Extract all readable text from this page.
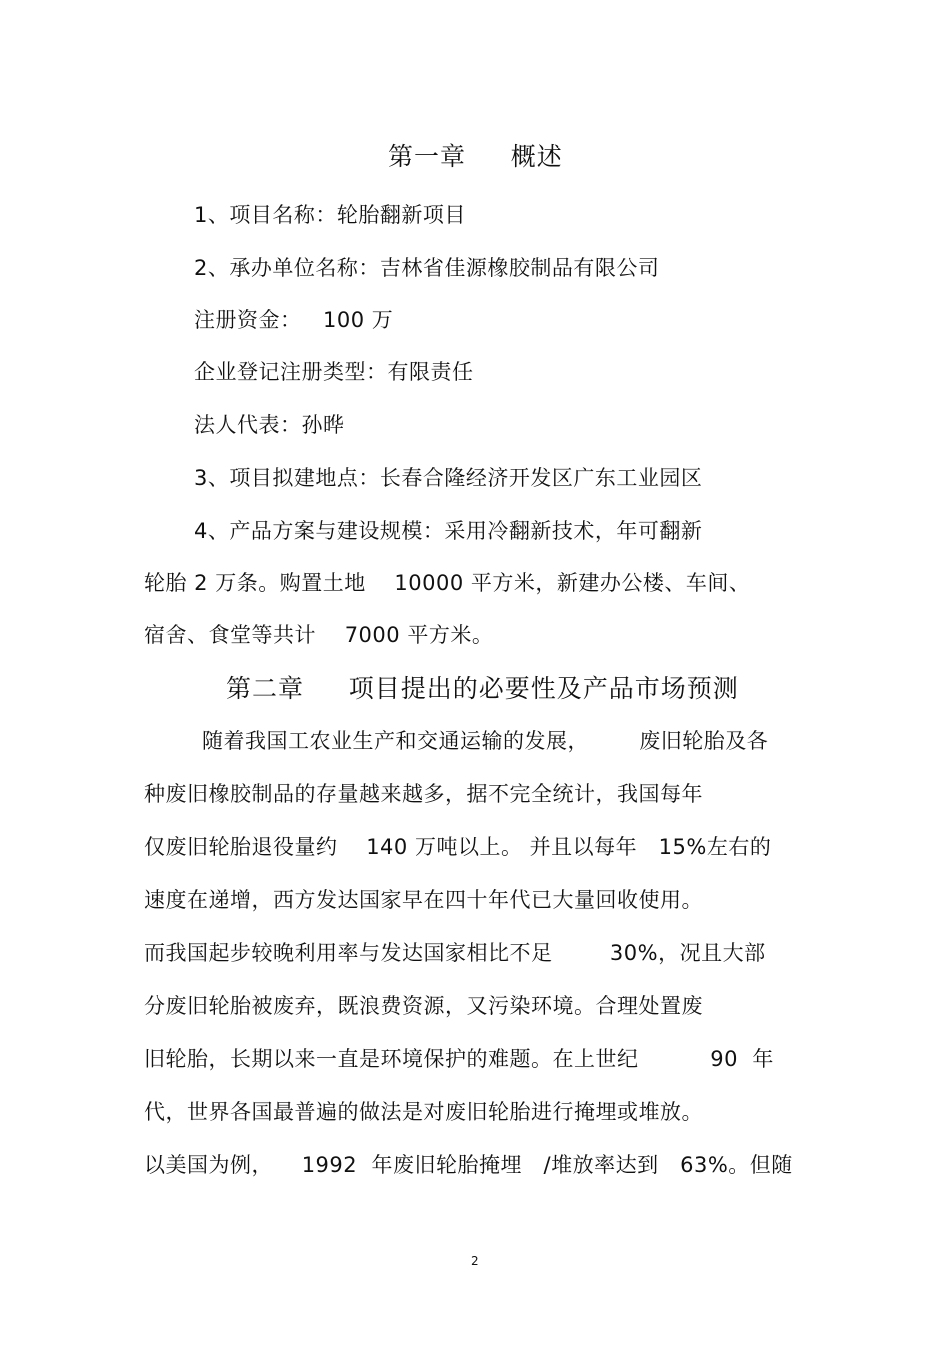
第一章     概述
1、项目名称：轮胎翻新项目
2、承办单位名称：吉林省佳源橡胶制品有限公司
注册资金：   100 万
企业登记注册类型：有限责任
法人代表：孙晔
3、项目拟建地点：长春合隆经济开发区广东工业园区
4、产品方案与建设规模：采用冷翻新技术，年可翻新
轮胎 2 万条。购置土地    10000 平方米，新建办公楼、车间、
宿舍、食堂等共计    7000 平方米。
第二章     项目提出的必要性及产品市场预测
随着我国工农业生产和交通运输的发展，       废旧轮胎及各
种废旧橡胶制品的存量越来越多，据不完全统计，我国每年
仅废旧轮胎退役量约    140 万吨以上。 并且以每年   15%左右的
速度在递增，西方发达国家早在四十年代已大量回收使用。
而我国起步较晚利用率与发达国家相比不足        30%，况且大部
分废旧轮胎被废弃，既浪费资源，又污染环境。合理处置废
旧轮胎，长期以来一直是环境保护的难题。在上世纪          90  年
代，世界各国最普遍的做法是对废旧轮胎进行掩埋或堆放。
以美国为例，    1992  年废旧轮胎掩埋   /堆放率达到   63%。但随
2
